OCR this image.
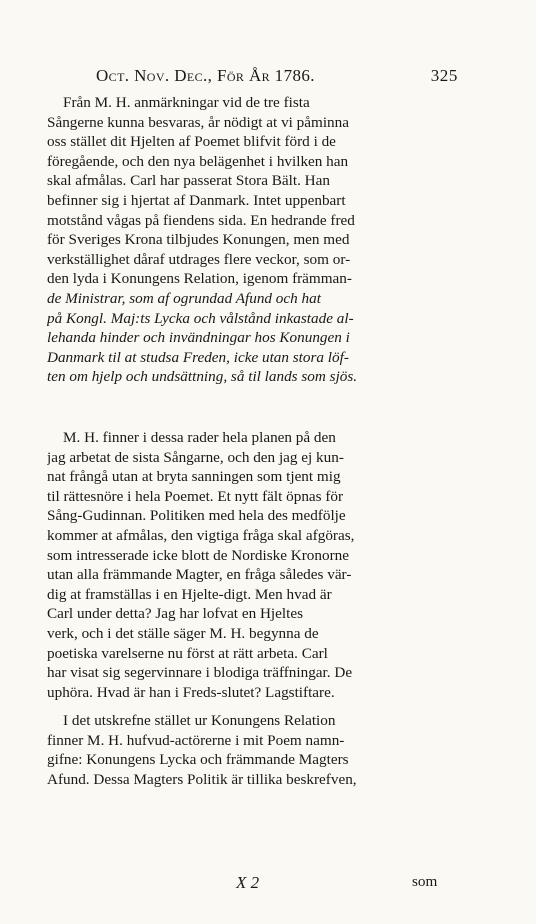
Oct. Nov. Dec., För År 1786.	325
Från M. H. anmärkningar vid de tre fista
Sångerne kunna besvaras, år nödigt at vi påminna
oss stället dit Hjelten af Poemet blifvit förd i de
föregående, och den nya belägenhet i hvilken han
skal afmålas. Carl har passerat Stora Bält. Han
befinner sig i hjertat af Danmark. Intet uppenbart
motstånd vågas på fiendens sida. En hedrande fred
för Sveriges Krona tilbjudes Konungen, men med
verkställighet dåraf utdrages flere veckor, som or-
den lyda i Konungens Relation, igenom främman-
de Ministrar, som af ogrundad Afund och hat
på Kongl. Maj:ts Lycka och vålstånd inkastade al-
lehanda hinder och invändningar hos Konungen i
Danmark til at studsa Freden, icke utan stora löf-
ten om hjelp och undsättning, så til lands som sjös.
M. H. finner i dessa rader hela planen på den
jag arbetat de sista Sångarne, och den jag ej kun-
nat frångå utan at bryta sanningen som tjent mig
til rättesnöre i hela Poemet. Et nytt fält öpnas för
Sång-Gudinnan. Politiken med hela des medfölje
kommer at afmålas, den vigtiga fråga skal afgöras,
som intresserade icke blott de Nordiske Kronorne
utan alla främmande Magter, en fråga således vär-
dig at framställas i en Hjelte-digt. Men hvad är
Carl under detta? Jag har lofvat en Hjeltes
verk, och i det ställe säger M. H. begynna de
poetiska varelserne nu först at rätt arbeta. Carl
har visat sig segervinnare i blodiga träffningar. De
uphöra. Hvad är han i Freds-slutet? Lagstiftare.
I det utskrefne stället ur Konungens Relation
finner M. H. hufvud-actörerne i mit Poem namn-
gifne: Konungens Lycka och främmande Magters
Afund. Dessa Magters Politik är tillika beskrefven,
X 2	som
